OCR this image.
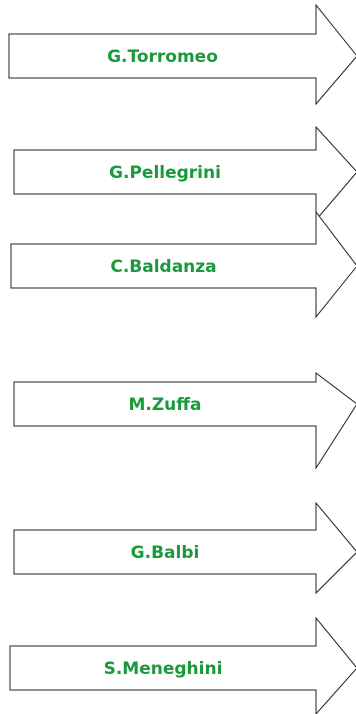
G.Torromeo
G.Pellegrini
C.Baldanza
M.Zuffa
G.Balbi
S.Meneghini
